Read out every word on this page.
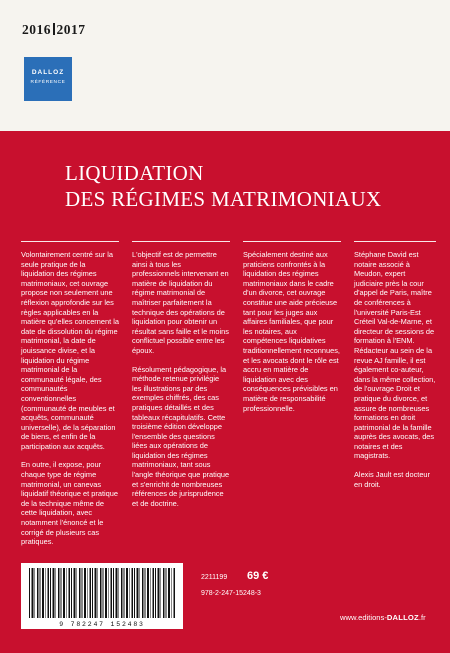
2016 2017
DALLOZ
RÉFÉRENCE
LIQUIDATION
DES RÉGIMES MATRIMONIAUX

Volontairement centré sur la seule pratique de la liquidation des régimes matrimoniaux, cet ouvrage propose non seulement une réflexion approfondie sur les règles applicables en la matière qu'elles concernent la date de dissolution du régime matrimonial, la date de jouissance divise, et la liquidation du régime matrimonial de la communauté légale, des communautés conventionnelles (communauté de meubles et acquêts, communauté universelle), de la séparation de biens, et enfin de la participation aux acquêts.

En outre, il expose, pour chaque type de régime matrimonial, un canevas liquidatif théorique et pratique de la technique même de cette liquidation, avec notamment l'énoncé et le corrigé de plusieurs cas pratiques.

L'objectif est de permettre ainsi à tous les professionnels intervenant en matière de liquidation du régime matrimonial de maîtriser parfaitement la technique des opérations de liquidation pour obtenir un résultat sans faille et le moins conflictuel possible entre les époux.

Résolument pédagogique, la méthode retenue privilégie les illustrations par des exemples chiffrés, des cas pratiques détaillés et des tableaux récapitulatifs. Cette troisième édition développe l'ensemble des questions liées aux opérations de liquidation des régimes matrimoniaux, tant sous l'angle théorique que pratique et s'enrichit de nombreuses références de jurisprudence et de doctrine.

Spécialement destiné aux praticiens confrontés à la liquidation des régimes matrimoniaux dans le cadre d'un divorce, cet ouvrage constitue une aide précieuse tant pour les juges aux affaires familiales, que pour les notaires, aux compétences liquidatives traditionnellement reconnues, et les avocats dont le rôle est accru en matière de liquidation avec des conséquences prévisibles en matière de responsabilité professionnelle.

Stéphane David est notaire associé à Meudon, expert judiciaire près la cour d'appel de Paris, maître de conférences à l'université Paris-Est Créteil Val-de-Marne, et directeur de sessions de formation à l'ENM. Rédacteur au sein de la revue AJ famille, il est également co-auteur, dans la même collection, de l'ouvrage Droit et pratique du divorce, et assure de nombreuses formations en droit patrimonial de la famille auprès des avocats, des notaires et des magistrats.

Alexis Jault est docteur en droit.

9 782247 152483
2211199 69 €
978-2-247-15248-3
www.editions-DALLOZ.fr
